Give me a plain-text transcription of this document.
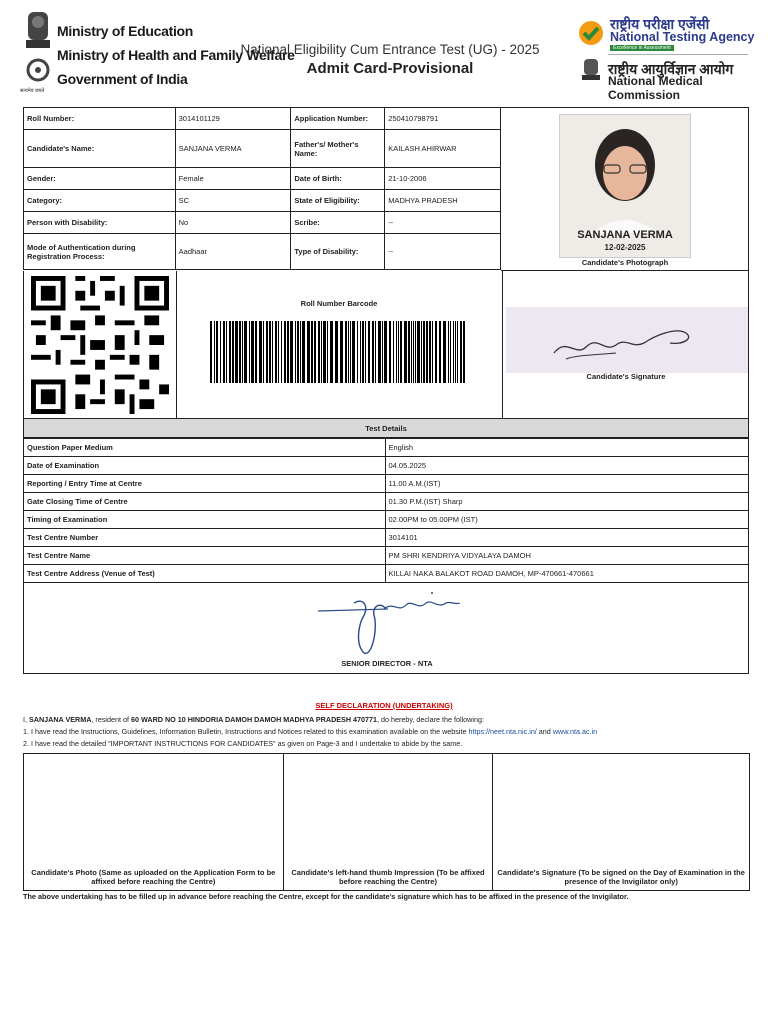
सत्यमेव जयते
Ministry of Education
Ministry of Health and Family Welfare
Government of India
National Eligibility Cum Entrance Test (UG) - 2025
Admit Card-Provisional
राष्ट्रीय परीक्षा एजेंसी
National Testing Agency
Excellence in Assessment
राष्ट्रीय आयुर्विज्ञान आयोग
National Medical Commission
Roll Number:	3014101129	Application Number:	250410798791
Candidate's Name:	SANJANA VERMA	Father's/ Mother's Name:	KAILASH AHIRWAR
Gender:	Female	Date of Birth:	21-10-2006
Category:	SC	State of Eligibility:	MADHYA PRADESH
Person with Disability:	No	Scribe:	--
Mode of Authentication during Registration Process:	Aadhaar	Type of Disability:	--
SANJANA VERMA
12-02-2025
Candidate's Photograph
Roll Number Barcode
Candidate's Signature
Test Details
Question Paper Medium	English
Date of Examination	04.05.2025
Reporting / Entry Time at Centre	11.00 A.M.(IST)
Gate Closing Time of Centre	01.30 P.M.(IST) Sharp
Timing of Examination	02.00PM to 05.00PM (IST)
Test Centre Number	3014101
Test Centre Name	PM SHRI KENDRIYA VIDYALAYA DAMOH
Test Centre Address (Venue of Test)	KILLAI NAKA BALAKOT ROAD DAMOH, MP-470661-470661
SENIOR DIRECTOR - NTA
SELF DECLARATION (UNDERTAKING)
I, SANJANA VERMA, resident of 60 WARD NO 10 HINDORIA DAMOH DAMOH MADHYA PRADESH 470771, do hereby, declare the following:
1. I have read the Instructions, Guidelines, Information Bulletin, Instructions and Notices related to this examination available on the website https://neet.nta.nic.in/ and www.nta.ac.in
2. I have read the detailed "IMPORTANT INSTRUCTIONS FOR CANDIDATES" as given on Page-3 and I undertake to abide by the same.
Candidate's Photo (Same as uploaded on the Application Form to be affixed before reaching the Centre)	Candidate's left-hand thumb Impression (To be affixed before reaching the Centre)	Candidate's Signature (To be signed on the Day of Examination in the presence of the Invigilator only)
The above undertaking has to be filled up in advance before reaching the Centre, except for the candidate's signature which has to be affixed in the presence of the Invigilator.
